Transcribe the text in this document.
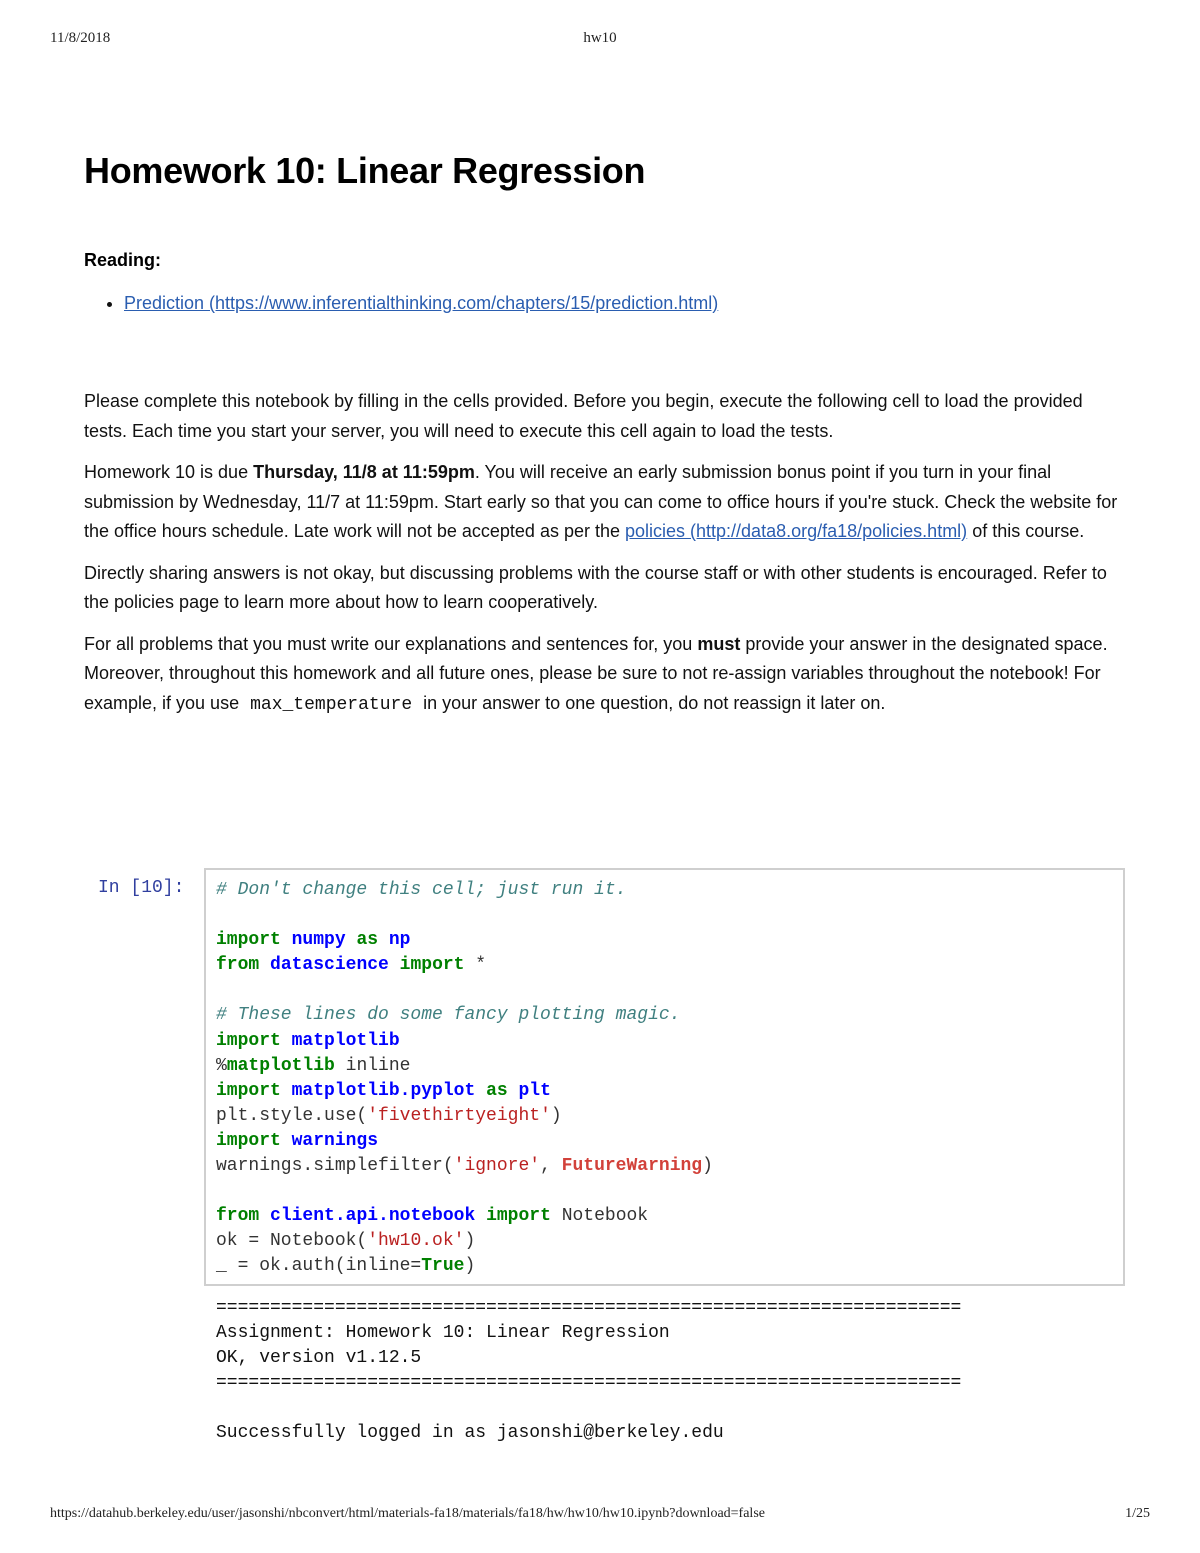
11/8/2018	hw10
Homework 10: Linear Regression
Reading:
• Prediction (https://www.inferentialthinking.com/chapters/15/prediction.html)

Please complete this notebook by filling in the cells provided. Before you begin, execute the following cell to load the provided tests. Each time you start your server, you will need to execute this cell again to load the tests.

Homework 10 is due Thursday, 11/8 at 11:59pm. You will receive an early submission bonus point if you turn in your final submission by Wednesday, 11/7 at 11:59pm. Start early so that you can come to office hours if you're stuck. Check the website for the office hours schedule. Late work will not be accepted as per the policies (http://data8.org/fa18/policies.html) of this course.

Directly sharing answers is not okay, but discussing problems with the course staff or with other students is encouraged. Refer to the policies page to learn more about how to learn cooperatively.

For all problems that you must write our explanations and sentences for, you must provide your answer in the designated space. Moreover, throughout this homework and all future ones, please be sure to not re-assign variables throughout the notebook! For example, if you use max_temperature in your answer to one question, do not reassign it later on.

In [10]:	# Don't change this cell; just run it.

import numpy as np
from datascience import *

# These lines do some fancy plotting magic.
import matplotlib
%matplotlib inline
import matplotlib.pyplot as plt
plt.style.use('fivethirtyeight')
import warnings
warnings.simplefilter('ignore', FutureWarning)

from client.api.notebook import Notebook
ok = Notebook('hw10.ok')
_ = ok.auth(inline=True)
=====================================================================
Assignment: Homework 10: Linear Regression
OK, version v1.12.5
=====================================================================

Successfully logged in as jasonshi@berkeley.edu
https://datahub.berkeley.edu/user/jasonshi/nbconvert/html/materials-fa18/materials/fa18/hw/hw10/hw10.ipynb?download=false	1/25
